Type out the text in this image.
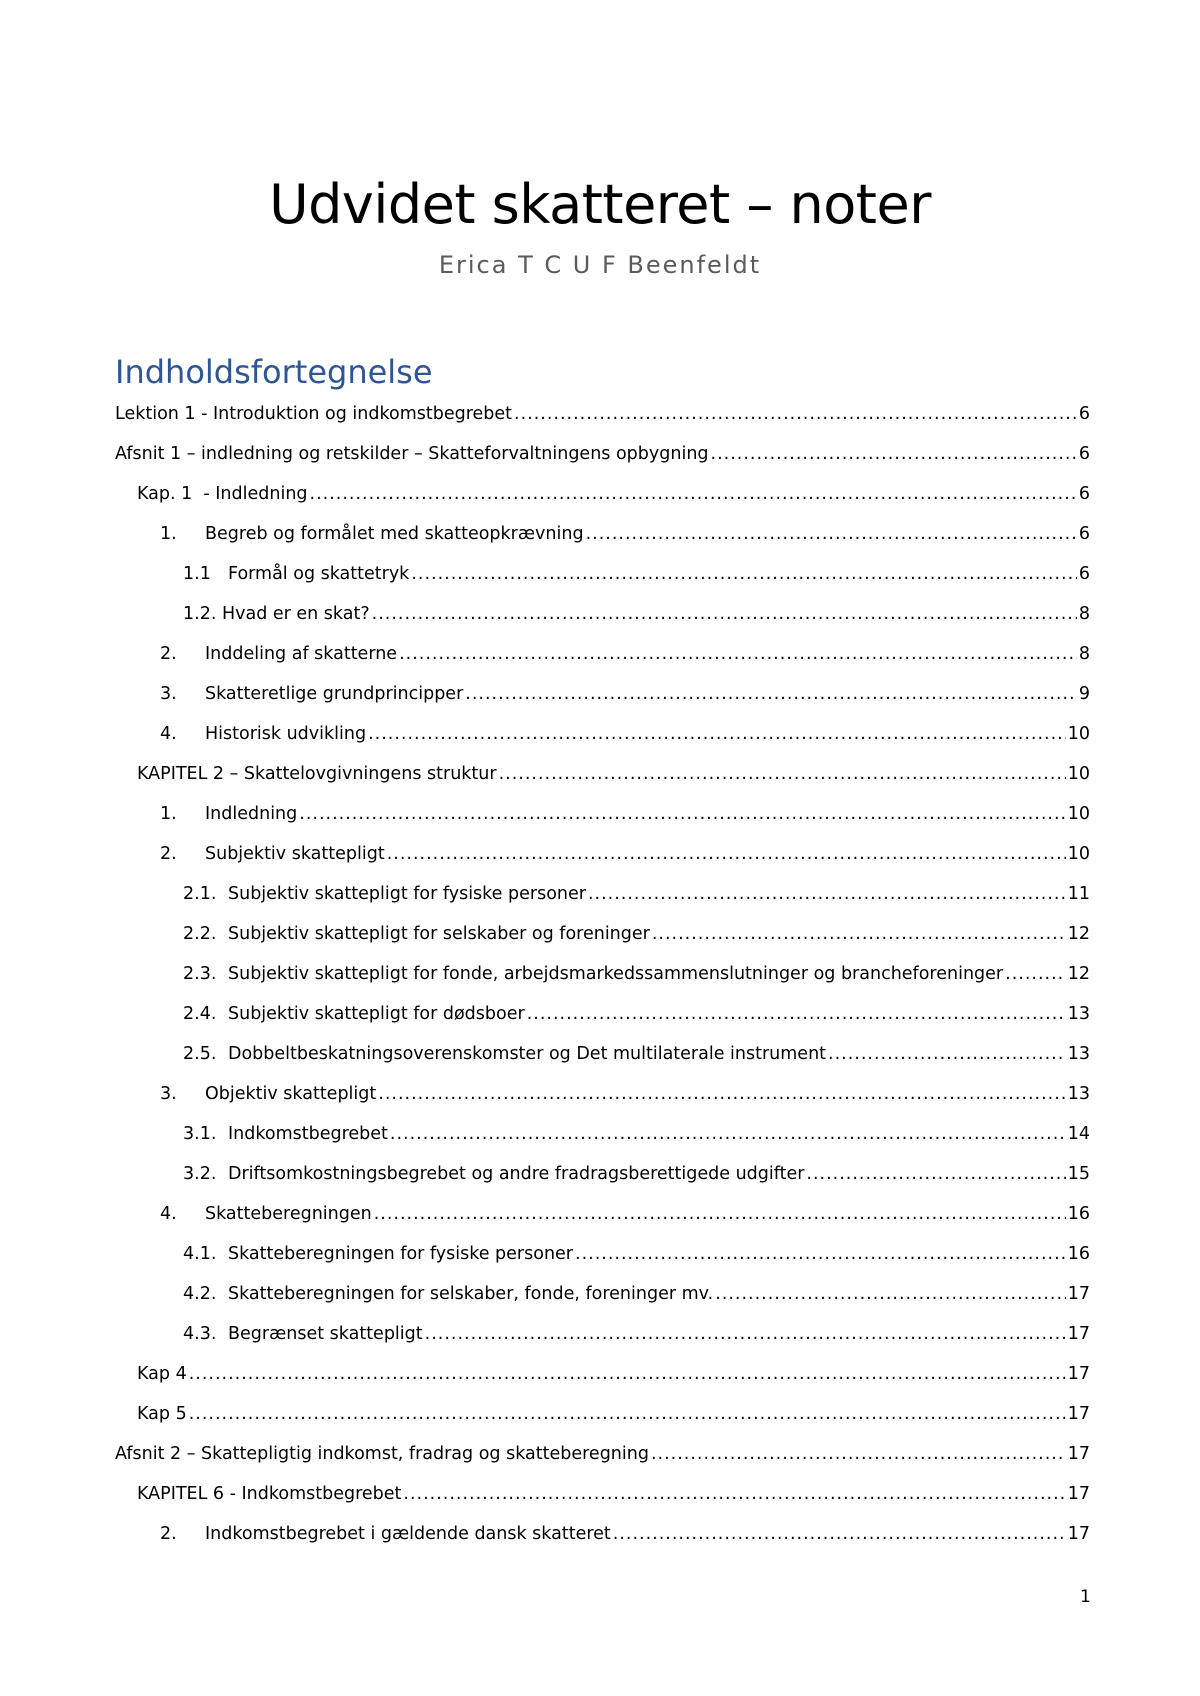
Udvidet skatteret – noter
Erica T C U F Beenfeldt
Indholdsfortegnelse
Lektion 1 - Introduktion og indkomstbegrebet .....	6
Afsnit 1 – indledning og retskilder – Skatteforvaltningens opbygning .....	6
Kap. 1  - Indledning .....	6
1.	Begreb og formålet med skatteopkrævning .....	6
1.1 Formål og skattetryk .....	6
1.2. Hvad er en skat? .....	8
2.	Inddeling af skatterne .....	8
3.	Skatteretlige grundprincipper .....	9
4.	Historisk udvikling .....	10
KAPITEL 2 – Skattelovgivningens struktur .....	10
1.	Indledning .....	10
2.	Subjektiv skattepligt .....	10
2.1. Subjektiv skattepligt for fysiske personer .....	11
2.2. Subjektiv skattepligt for selskaber og foreninger .....	12
2.3. Subjektiv skattepligt for fonde, arbejdsmarkedssammenslutninger og brancheforeninger .....	12
2.4. Subjektiv skattepligt for dødsboer .....	13
2.5. Dobbeltbeskatningsoverenskomster og Det multilaterale instrument .....	13
3.	Objektiv skattepligt .....	13
3.1. Indkomstbegrebet .....	14
3.2. Driftsomkostningsbegrebet og andre fradragsberettigede udgifter .....	15
4.	Skatteberegningen .....	16
4.1. Skatteberegningen for fysiske personer .....	16
4.2. Skatteberegningen for selskaber, fonde, foreninger mv. .....	17
4.3. Begrænset skattepligt .....	17
Kap 4 .....	17
Kap 5 .....	17
Afsnit 2 – Skattepligtig indkomst, fradrag og skatteberegning .....	17
KAPITEL 6 - Indkomstbegrebet .....	17
2.	Indkomstbegrebet i gældende dansk skatteret .....	17
1
